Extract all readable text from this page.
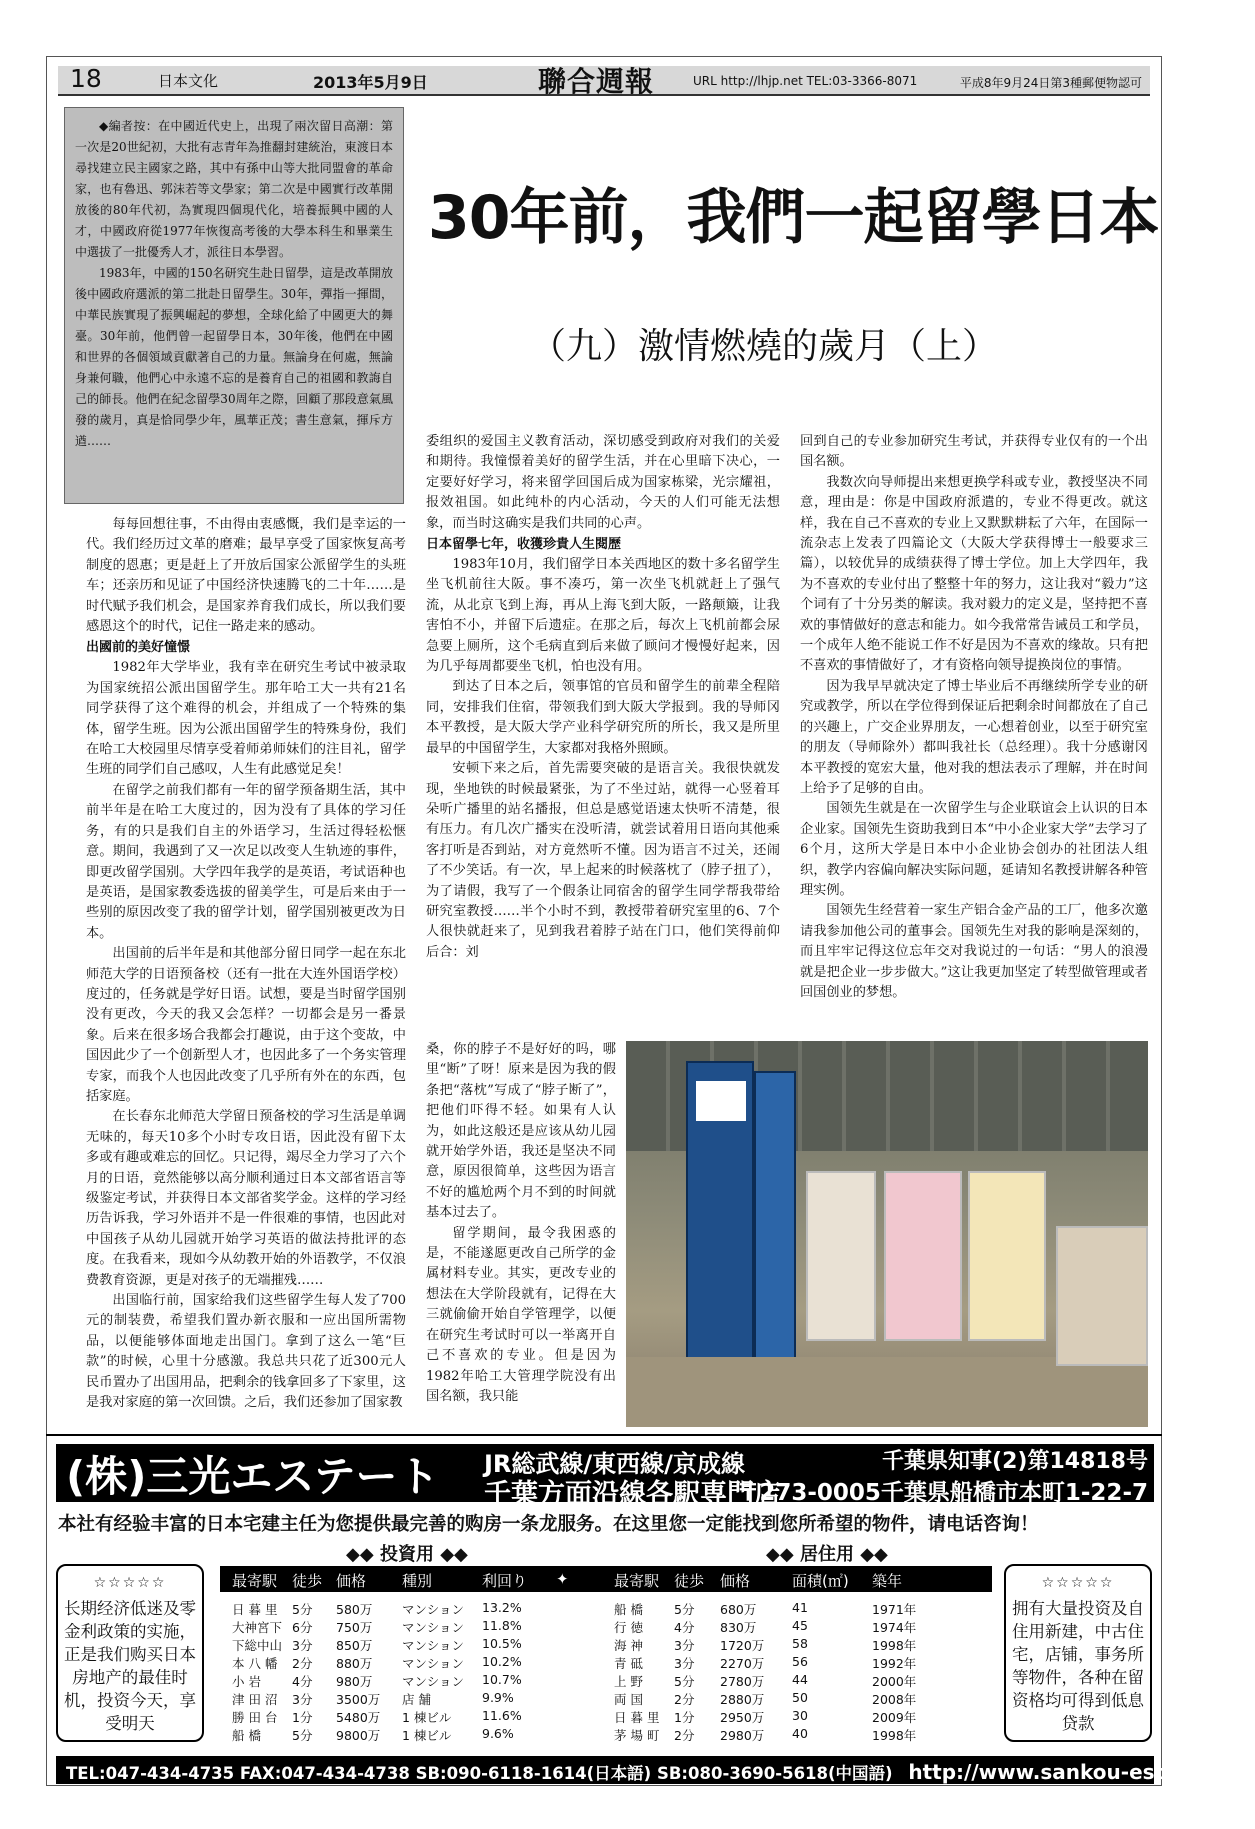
18	日本文化	2013年5月9日	聯合週報	URL http://lhjp.net TEL:03-3366-8071	平成8年9月24日第3種郵便物認可

◆編者按：在中國近代史上，出現了兩次留日高潮：第一次是20世紀初，大批有志青年為推翻封建統治，東渡日本尋找建立民主國家之路，其中有孫中山等大批同盟會的革命家，也有魯迅、郭沫若等文學家；第二次是中國實行改革開放後的80年代初，為實現四個現代化，培養振興中國的人才，中國政府從1977年恢復高考後的大學本科生和畢業生中選拔了一批優秀人才，派往日本學習。

1983年，中國的150名研究生赴日留學，這是改革開放後中國政府選派的第二批赴日留學生。30年，彈指一揮間，中華民族實現了振興崛起的夢想，全球化給了中國更大的舞臺。30年前，他們曾一起留學日本，30年後，他們在中國和世界的各個領域貢獻著自己的力量。無論身在何處，無論身兼何職，他們心中永遠不忘的是養育自己的祖國和教誨自己的師長。他們在紀念留學30周年之際，回顧了那段意氣風發的歲月，真是恰同學少年，風華正茂；書生意氣，揮斥方遒……

30年前，我們一起留學日本
（九）激情燃燒的歲月（上）

每每回想往事，不由得由衷感慨，我们是幸运的一代。我们经历过文革的磨难；最早享受了国家恢复高考制度的恩惠；更是赶上了开放后国家公派留学生的头班车；还亲历和见证了中国经济快速腾飞的二十年……是时代赋予我们机会，是国家养育我们成长，所以我们要感恩这个的时代，记住一路走来的感动。

出國前的美好憧憬

1982年大学毕业，我有幸在研究生考试中被录取为国家统招公派出国留学生。那年哈工大一共有21名同学获得了这个难得的机会，并组成了一个特殊的集体，留学生班。因为公派出国留学生的特殊身份，我们在哈工大校园里尽情享受着师弟师妹们的注目礼，留学生班的同学们自己感叹，人生有此感觉足矣！

在留学之前我们都有一年的留学预备期生活，其中前半年是在哈工大度过的，因为没有了具体的学习任务，有的只是我们自主的外语学习，生活过得轻松惬意。期间，我遇到了又一次足以改变人生轨迹的事件，即更改留学国别。大学四年我学的是英语，考试语种也是英语，是国家教委选拔的留美学生，可是后来由于一些别的原因改变了我的留学计划，留学国别被更改为日本。

出国前的后半年是和其他部分留日同学一起在东北师范大学的日语预备校（还有一批在大连外国语学校）度过的，任务就是学好日语。试想，要是当时留学国别没有更改，今天的我又会怎样？一切都会是另一番景象。后来在很多场合我都会打趣说，由于这个变故，中国因此少了一个创新型人才，也因此多了一个务实管理专家，而我个人也因此改变了几乎所有外在的东西，包括家庭。

在长春东北师范大学留日预备校的学习生活是单调无味的，每天10多个小时专攻日语，因此没有留下太多或有趣或难忘的回忆。只记得，竭尽全力学习了六个月的日语，竟然能够以高分顺利通过日本文部省语言等级鉴定考试，并获得日本文部省奖学金。这样的学习经历告诉我，学习外语并不是一件很难的事情，也因此对中国孩子从幼儿园就开始学习英语的做法持批评的态度。在我看来，现如今从幼教开始的外语教学，不仅浪费教育资源，更是对孩子的无端摧残……

出国临行前，国家给我们这些留学生每人发了700元的制装费，希望我们置办新衣服和一应出国所需物品，以便能够体面地走出国门。拿到了这么一笔“巨款”的时候，心里十分感激。我总共只花了近300元人民币置办了出国用品，把剩余的钱拿回多了下家里，这是我对家庭的第一次回馈。之后，我们还参加了国家教

委组织的爱国主义教育活动，深切感受到政府对我们的关爱和期待。我憧憬着美好的留学生活，并在心里暗下决心，一定要好好学习，将来留学回国后成为国家栋梁，光宗耀祖，报效祖国。如此纯朴的内心活动，今天的人们可能无法想象，而当时这确实是我们共同的心声。

日本留學七年，收獲珍貴人生閱歷

1983年10月，我们留学日本关西地区的数十多名留学生坐飞机前往大阪。事不凑巧，第一次坐飞机就赶上了强气流，从北京飞到上海，再从上海飞到大阪，一路颠簸，让我害怕不小，并留下后遗症。在那之后，每次上飞机前都会尿急要上厕所，这个毛病直到后来做了顾问才慢慢好起来，因为几乎每周都要坐飞机，怕也没有用。

到达了日本之后，领事馆的官员和留学生的前辈全程陪同，安排我们住宿，带领我们到大阪大学报到。我的导师冈本平教授，是大阪大学产业科学研究所的所长，我又是所里最早的中国留学生，大家都对我格外照顾。

安顿下来之后，首先需要突破的是语言关。我很快就发现，坐地铁的时候最紧张，为了不坐过站，就得一心竖着耳朵听广播里的站名播报，但总是感觉语速太快听不清楚，很有压力。有几次广播实在没听清，就尝试着用日语向其他乘客打听是否到站，对方竟然听不懂。因为语言不过关，还闹了不少笑话。有一次，早上起来的时候落枕了（脖子扭了），为了请假，我写了一个假条让同宿舍的留学生同学帮我带给研究室教授……半个小时不到，教授带着研究室里的6、7个人很快就赶来了，见到我君着脖子站在门口，他们笑得前仰后合：刘

桑，你的脖子不是好好的吗，哪里“断”了呀！原来是因为我的假条把“落枕”写成了“脖子断了”，把他们吓得不轻。如果有人认为，如此这般还是应该从幼儿园就开始学外语，我还是坚决不同意，原因很简单，这些因为语言不好的尴尬两个月不到的时间就基本过去了。

留学期间，最令我困惑的是，不能遂愿更改自己所学的金属材料专业。其实，更改专业的想法在大学阶段就有，记得在大三就偷偷开始自学管理学，以便在研究生考试时可以一举离开自己不喜欢的专业。但是因为1982年哈工大管理学院没有出国名额，我只能

回到自己的专业参加研究生考试，并获得专业仅有的一个出国名额。

我数次向导师提出来想更换学科或专业，教授坚决不同意，理由是：你是中国政府派遣的，专业不得更改。就这样，我在自己不喜欢的专业上又默默耕耘了六年，在国际一流杂志上发表了四篇论文（大阪大学获得博士一般要求三篇），以较优异的成绩获得了博士学位。加上大学四年，我为不喜欢的专业付出了整整十年的努力，这让我对“毅力”这个词有了十分另类的解读。我对毅力的定义是，坚持把不喜欢的事情做好的意志和能力。如今我常常告诫员工和学员，一个成年人绝不能说工作不好是因为不喜欢的缘故。只有把不喜欢的事情做好了，才有资格向领导提换岗位的事情。

因为我早早就决定了博士毕业后不再继续所学专业的研究或教学，所以在学位得到保证后把剩余时间都放在了自己的兴趣上，广交企业界朋友，一心想着创业，以至于研究室的朋友（导师除外）都叫我社长（总经理）。我十分感谢冈本平教授的宽宏大量，他对我的想法表示了理解，并在时间上给予了足够的自由。

国领先生就是在一次留学生与企业联谊会上认识的日本企业家。国领先生资助我到日本“中小企业家大学”去学习了6个月，这所大学是日本中小企业协会创办的社团法人组织，教学内容偏向解决实际问题，延请知名教授讲解各种管理实例。

国领先生经营着一家生产铝合金产品的工厂，他多次邀请我参加他公司的董事会。国领先生对我的影响是深刻的，而且牢牢记得这位忘年交对我说过的一句话：“男人的浪漫就是把企业一步步做大。”这让我更加坚定了转型做管理或者回国创业的梦想。

(株)三光エステート JR総武線/東西線/京成線	千葉県知事(2)第14818号
千葉方面沿線各駅専門店
〒273-0005千葉県船橋市本町1-22-7
本社有经验丰富的日本宅建主任为您提供最完善的购房一条龙服务。在这里您一定能找到您所希望的物件，请电话咨询！
◆◆ 投資用 ◆◆	◆◆ 居住用 ◆◆
☆☆☆☆☆
长期经济低迷及零金利政策的实施，正是我们购买日本房地产的最佳时机，投资今天，享受明天
☆☆☆☆☆
拥有大量投资及自住用新建，中古住宅，店铺，事务所等物件，各种在留资格均可得到低息贷款
最寄駅 徒歩 価格 種別	利回り ✦	最寄駅 徒歩 価格	面積(㎡) 築年
日 暮 里 5分 580万 マンション 13.2%	船 橋 5分 680万	41	1971年
大神宮下 6分 750万 マンション 11.8%	行 徳 4分 830万	45	1974年
下総中山 3分 850万 マンション 10.5%	海 神 3分 1720万 58	1998年
本 八 幡 2分 880万 マンション 10.2%	青 砥 3分 2270万 56	1992年
小 岩 4分 980万 マンション 10.7%	上 野 5分 2780万 44	2000年
津 田 沼 3分 3500万 店 舗	9.9%	両 国 2分 2880万 50	2008年
勝 田 台 1分 5480万 1 棟ビル 11.6%	日 暮 里 1分 2950万 30	2009年
船 橋 5分 9800万 1 棟ビル 9.6%	茅 場 町 2分 2980万 40	1998年
TEL:047-434-4735 FAX:047-434-4738 SB:090-6118-1614(日本語) SB:080-3690-5618(中国語) http://www.sankou-estate.com
